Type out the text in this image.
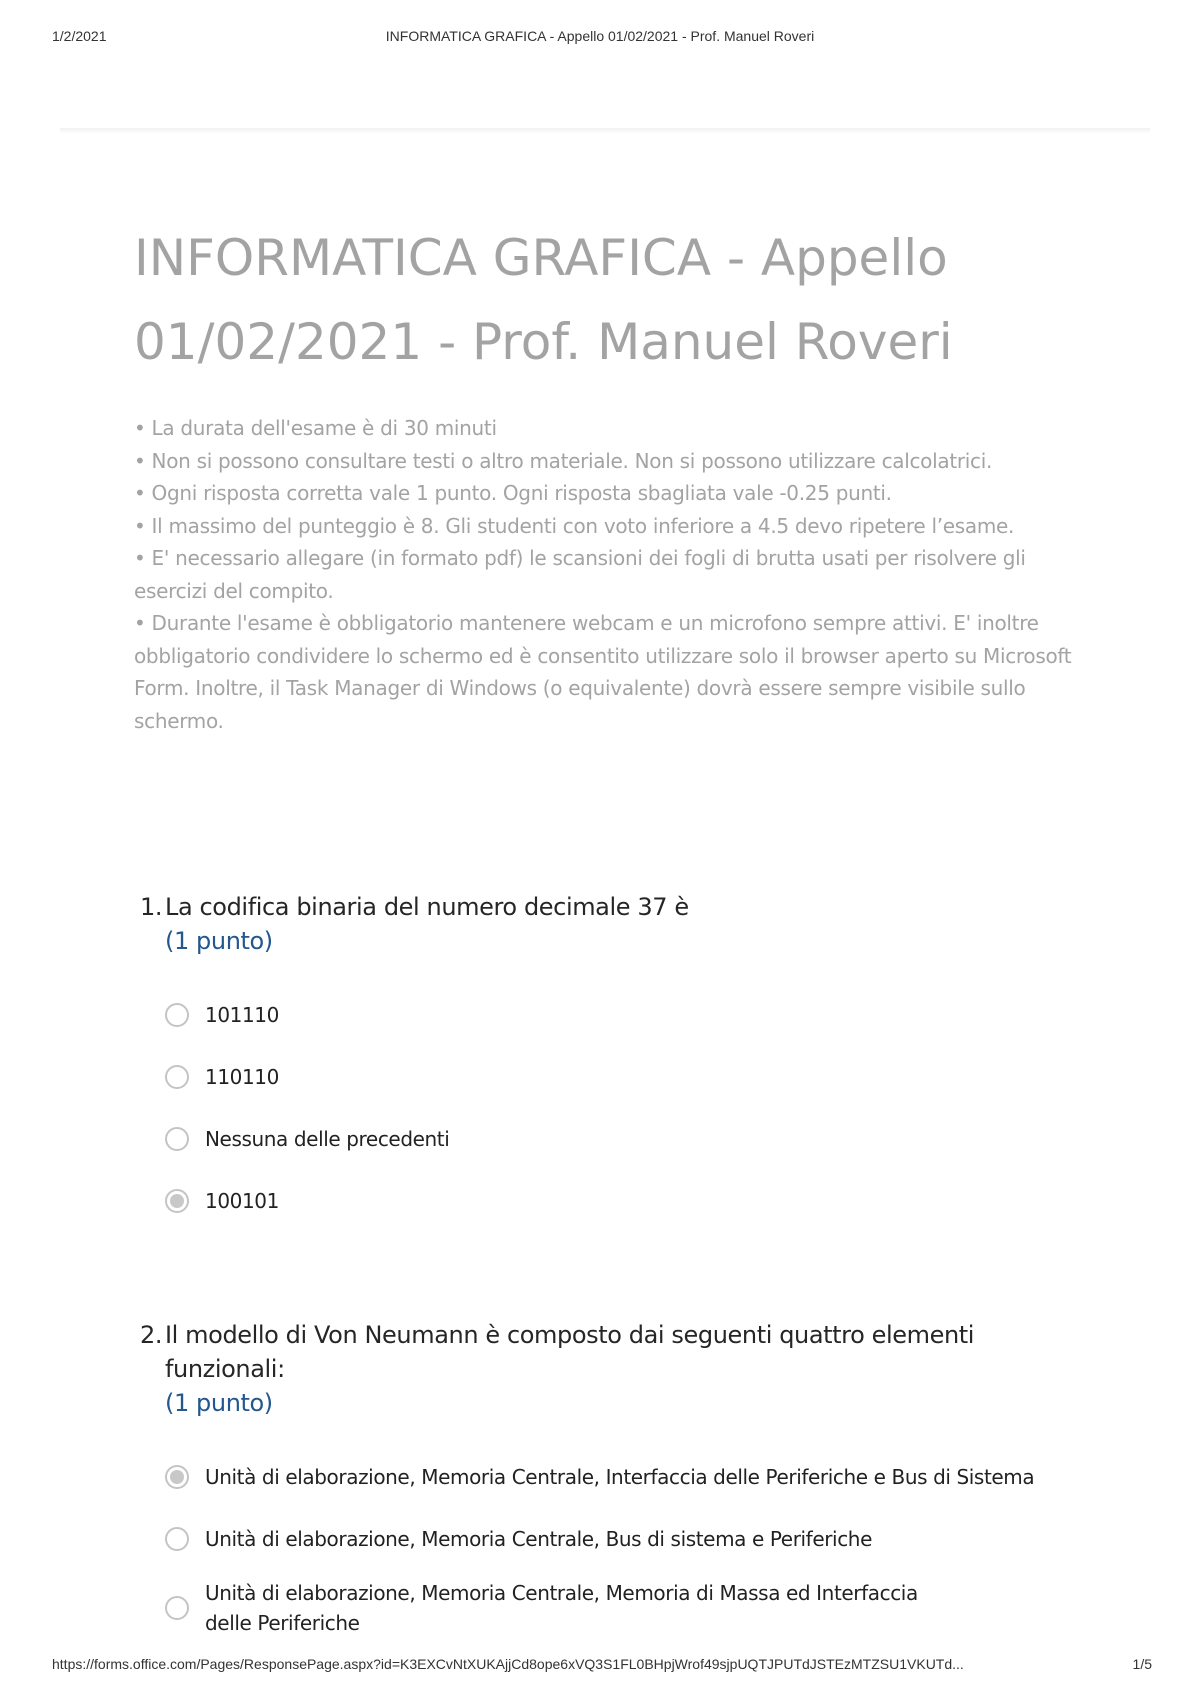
1/2/2021	INFORMATICA GRAFICA - Appello 01/02/2021 - Prof. Manuel Roveri
INFORMATICA GRAFICA - Appello 01/02/2021 - Prof. Manuel Roveri

• La durata dell'esame è di 30 minuti

• Non si possono consultare testi o altro materiale. Non si possono utilizzare calcolatrici.

• Ogni risposta corretta vale 1 punto. Ogni risposta sbagliata vale -0.25 punti.

• Il massimo del punteggio è 8. Gli studenti con voto inferiore a 4.5 devo ripetere l’esame.

• E' necessario allegare (in formato pdf) le scansioni dei fogli di brutta usati per risolvere gli esercizi del compito.

• Durante l'esame è obbligatorio mantenere webcam e un microfono sempre attivi. E' inoltre obbligatorio condividere lo schermo ed è consentito utilizzare solo il browser aperto su Microsoft Form. Inoltre, il Task Manager di Windows (o equivalente) dovrà essere sempre visibile sullo schermo.

1. La codifica binaria del numero decimale 37 è
(1 punto)
101110
110110
Nessuna delle precedenti
100101
2. Il modello di Von Neumann è composto dai seguenti quattro elementi funzionali:
(1 punto)
Unità di elaborazione, Memoria Centrale, Interfaccia delle Periferiche e Bus di Sistema
Unità di elaborazione, Memoria Centrale, Bus di sistema e Periferiche
Unità di elaborazione, Memoria Centrale, Memoria di Massa ed Interfaccia delle Periferiche
https://forms.office.com/Pages/ResponsePage.aspx?id=K3EXCvNtXUKAjjCd8ope6xVQ3S1FL0BHpjWrof49sjpUQTJPUTdJSTEzMTZSU1VKUTd...	1/5
